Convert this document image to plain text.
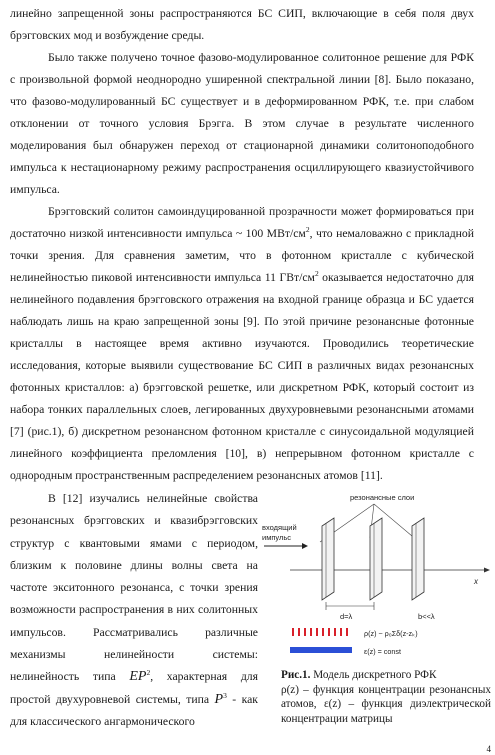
линейно запрещенной зоны распространяются БС СИП, включающие в себя поля двух брэгговских мод и возбуждение среды.

Было также получено точное фазово-модулированное солитонное решение для РФК с произвольной формой неоднородно уширенной спектральной линии [8]. Было показано, что фазово-модулированный БС существует и в деформированном РФК, т.е. при слабом отклонении от точного условия Брэгга. В этом случае в результате численного моделирования был обнаружен переход от стационарной динамики солитоноподобного импульса к нестационарному режиму распространения осциллирующего квазиустойчивого импульса.

Брэгговский солитон самоиндуцированной прозрачности может формироваться при достаточно низкой интенсивности импульса ~ 100 МВт/$см^2$, что немаловажно с прикладной точки зрения. Для сравнения заметим, что в фотонном кристалле с кубической нелинейностью пиковой интенсивности импульса 11 ГВт/$см^2$ оказывается недостаточно для нелинейного подавления брэгговского отражения на входной границе образца и БС удается наблюдать лишь на краю запрещенной зоны [9]. По этой причине резонансные фотонные кристаллы в настоящее время активно изучаются. Проводились теоретические исследования, которые выявили существование БС СИП в различных видах резонансных фотонных кристаллов: а) брэгговской решетке, или дискретном РФК, который состоит из набора тонких параллельных слоев, легированных двухуровневыми резонансными атомами [7] (рис.1), б) дискретном резонансном фотонном кристалле с синусоидальной модуляцией линейного коэффициента преломления [10], в) непрерывном фотонном кристалле с однородным пространственным распределением резонансных атомов [11].

В [12] изучались нелинейные свойства резонансных брэгговских и квазибрэгговских структур с квантовыми ямами с периодом, близким к половине длины волны света на частоте экситонного резонанса, с точки зрения возможности распространения в них солитонных импульсов. Рассматривались различные механизмы нелинейности системы: нелинейность типа $EP^2$, характерная для простой двухуровневой системы, типа $P^3$ - как для классического ангармонического

резонансные слои
входящий
импульс
x
d=λ	b<<λ
ρ(z) ~ ρ₀Σδ(z-zₖ)
ε(z) = const
Рис.1. Модель дискретного РФК
ρ(z) – функция концентрации резонансных атомов, ε(z) – функция диэлектрической концентрации матрицы
4
